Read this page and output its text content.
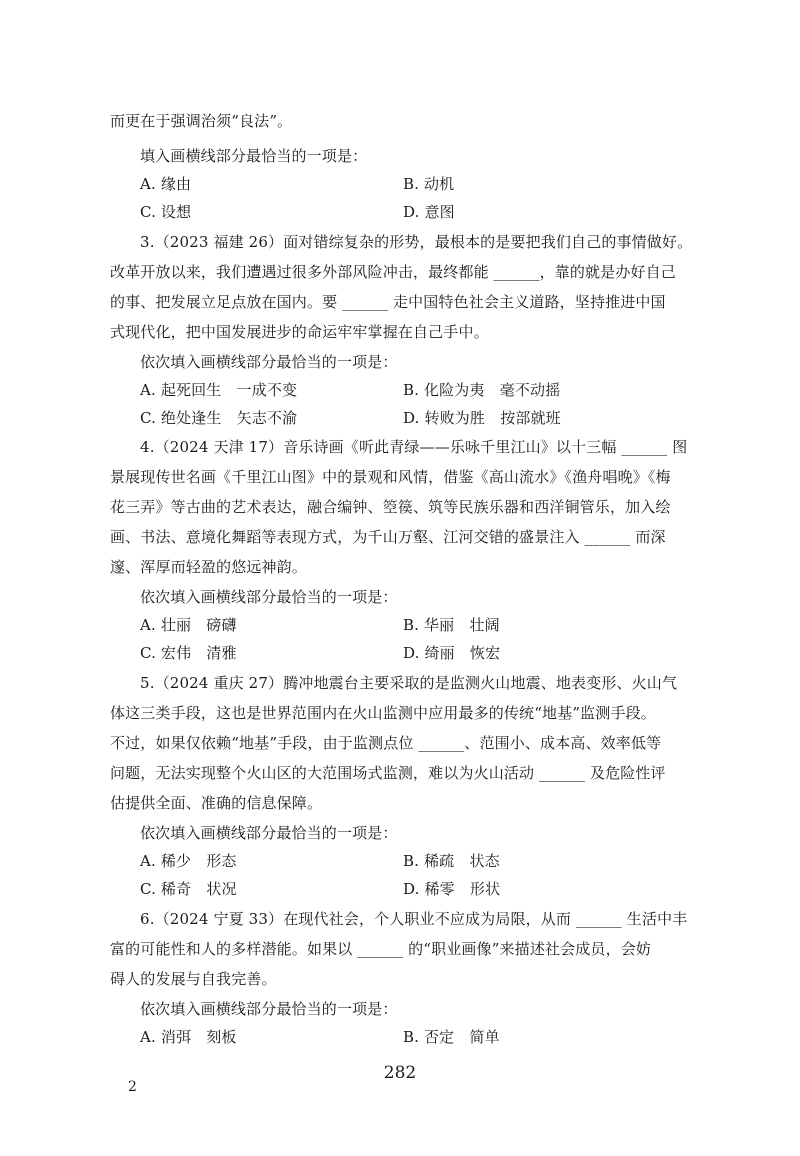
而更在于强调治须“良法”。
填入画横线部分最恰当的一项是：
A. 缘由	B. 动机
C. 设想	D. 意图
3.（2023 福建 26）面对错综复杂的形势，最根本的是要把我们自己的事情做好。
改革开放以来，我们遭遇过很多外部风险冲击，最终都能 ______，靠的就是办好自己
的事、把发展立足点放在国内。要 ______ 走中国特色社会主义道路，坚持推进中国
式现代化，把中国发展进步的命运牢牢掌握在自己手中。
依次填入画横线部分最恰当的一项是：
A. 起死回生　一成不变	B. 化险为夷　毫不动摇
C. 绝处逢生　矢志不渝	D. 转败为胜　按部就班
4.（2024 天津 17）音乐诗画《听此青绿——乐咏千里江山》以十三幅 ______ 图
景展现传世名画《千里江山图》中的景观和风情，借鉴《高山流水》《渔舟唱晚》《梅
花三弄》等古曲的艺术表达，融合编钟、箜篌、筑等民族乐器和西洋铜管乐，加入绘
画、书法、意境化舞蹈等表现方式，为千山万壑、江河交错的盛景注入 ______ 而深
邃、浑厚而轻盈的悠远神韵。
依次填入画横线部分最恰当的一项是：
A. 壮丽　磅礴	B. 华丽　壮阔
C. 宏伟　清雅	D. 绮丽　恢宏
5.（2024 重庆 27）腾冲地震台主要采取的是监测火山地震、地表变形、火山气
体这三类手段，这也是世界范围内在火山监测中应用最多的传统“地基”监测手段。
不过，如果仅依赖“地基”手段，由于监测点位 ______、范围小、成本高、效率低等
问题，无法实现整个火山区的大范围场式监测，难以为火山活动 ______ 及危险性评
估提供全面、准确的信息保障。
依次填入画横线部分最恰当的一项是：
A. 稀少　形态	B. 稀疏　状态
C. 稀奇　状况	D. 稀零　形状
6.（2024 宁夏 33）在现代社会，个人职业不应成为局限，从而 ______ 生活中丰
富的可能性和人的多样潜能。如果以 ______ 的“职业画像”来描述社会成员，会妨
碍人的发展与自我完善。
依次填入画横线部分最恰当的一项是：
A. 消弭　刻板	B. 否定　简单
282
2
